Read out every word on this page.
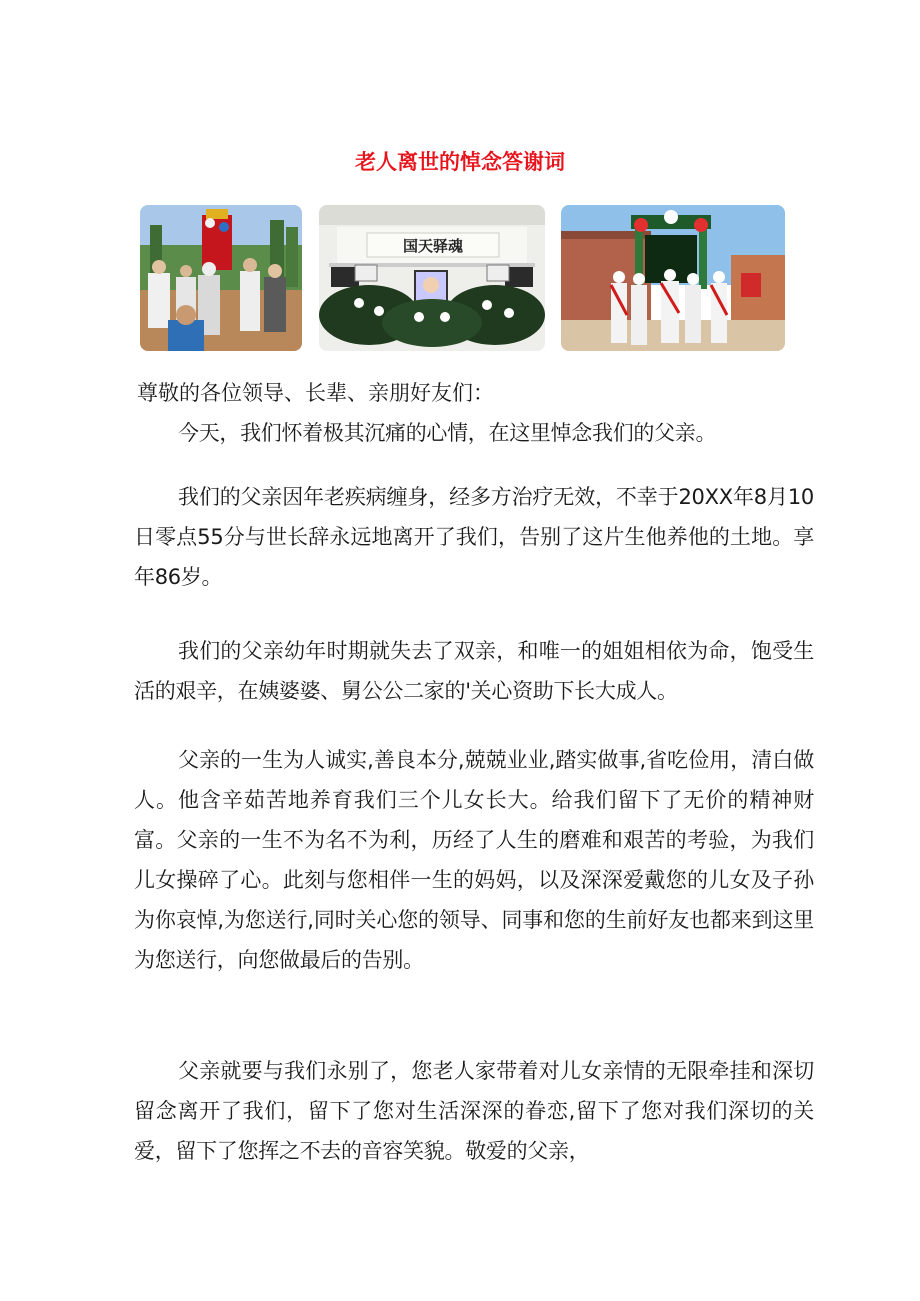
老人离世的悼念答谢词
国天驿魂
尊敬的各位领导、长辈、亲朋好友们：

今天，我们怀着极其沉痛的心情，在这里悼念我们的父亲。

我们的父亲因年老疾病缠身，经多方治疗无效，不幸于20XX年8月10日零点55分与世长辞永远地离开了我们，告别了这片生他养他的土地。享年86岁。

我们的父亲幼年时期就失去了双亲，和唯一的姐姐相依为命，饱受生活的艰辛，在姨婆婆、舅公公二家的'关心资助下长大成人。

父亲的一生为人诚实,善良本分,兢兢业业,踏实做事,省吃俭用，清白做人。他含辛茹苦地养育我们三个儿女长大。给我们留下了无价的精神财富。父亲的一生不为名不为利，历经了人生的磨难和艰苦的考验，为我们儿女操碎了心。此刻与您相伴一生的妈妈，以及深深爱戴您的儿女及子孙为你哀悼,为您送行,同时关心您的领导、同事和您的生前好友也都来到这里为您送行，向您做最后的告别。

父亲就要与我们永别了，您老人家带着对儿女亲情的无限牵挂和深切留念离开了我们，留下了您对生活深深的眷恋,留下了您对我们深切的关爱，留下了您挥之不去的音容笑貌。敬爱的父亲，
